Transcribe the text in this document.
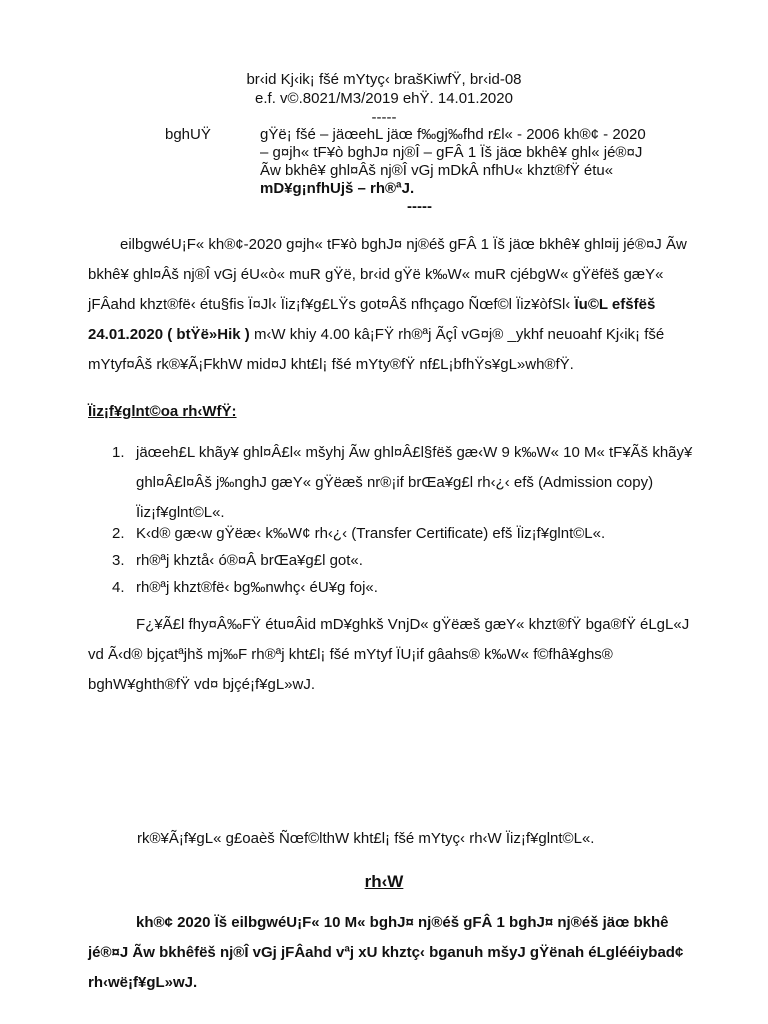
br‹id Kj‹ik¡ fšé mYtyç‹ brašKiwfŸ, br‹id-08
e.f. v©.8021/M3/2019 ehŸ. 14.01.2020
-----
bghUŸ	gŸë¡ fšé – jäœehL jäœ f‰gj‰fhd r£l« - 2006 kh®¢ - 2020
– g¤jh« tF¥ò bghJ¤ nj®Î – gFÂ 1 Ïš jäœ bkhê¥ ghl« jé®¤J
Ãw bkhê¥ ghl¤Âš nj®Î vGj mDkÂ nfhU« khzt®fŸ étu«
mD¥g¡nfhUjš – rh®ªJ.
-----
eilbgwéU¡F« kh®¢-2020 g¤jh« tF¥ò bghJ¤ nj®éš gFÂ 1 Ïš jäœ bkhê¥ ghl¤ij jé®¤J Ãw
bkhê¥ ghl¤Âš nj®Î vGj éU«ò« muR gŸë, br‹id gŸë k‰W« muR cjébgW« gŸëfëš gæY«
jFÂahd khzt®fë‹ étu§fis Ï¤Jl‹ Ïiz¡f¥g£LŸs got¤Âš nfhçago Ñœf©l Ïiz¥òfSl‹ Ïu©L efšfëš
24.01.2020 ( btŸë»Hik ) m‹W khiy 4.00 kâ¡FŸ rh®ªj ÃçÎ vG¤j® _ykhf neuoahf Kj‹ik¡ fšé
mYtyf¤Âš rk®¥Ã¡FkhW mid¤J kht£l¡ fšé mYty®fŸ nf£L¡bfhŸs¥gL»wh®fŸ.
Ïiz¡f¥glnt©oa rh‹WfŸ:
1. jäœeh£L khãy¥ ghl¤Â£l« mšyhj Ãw ghl¤Â£l§fëš gæ‹W 9 k‰W« 10 M« tF¥Ãš khãy¥
ghl¤Â£l¤Âš j‰nghJ gæY« gŸëæš nr®¡if brŒa¥g£l rh‹¿‹ efš (Admission copy)
Ïiz¡f¥glnt©L«.
2. K‹d® gæ‹w gŸëæ‹ k‰W¢ rh‹¿‹ (Transfer Certificate) efš Ïiz¡f¥glnt©L«.
3. rh®ªj khztå‹ ó®¤Â brŒa¥g£l got«.
4. rh®ªj khzt®fë‹ bg‰nwhç‹ éU¥g foj«.
F¿¥Ã£l fhy¤Â‰FŸ étu¤Âid mD¥ghkš VnjD« gŸëæš gæY« khzt®fŸ bga®fŸ éLgL«J
vd Ã‹d® bjçatªjhš mj‰F rh®ªj kht£l¡ fšé mYtyf ÏU¡if gâahs® k‰W« f©fhâ¥ghs®
bghW¥ghth®fŸ vd¤ bjçé¡f¥gL»wJ.
rk®¥Ã¡f¥gL« g£oaèš Ñœf©lthW kht£l¡ fšé mYtyç‹ rh‹W Ïiz¡f¥glnt©L«.
rh‹W
kh®¢ 2020 Ïš eilbgwéU¡F« 10 M« bghJ¤ nj®éš gFÂ 1 bghJ¤ nj®éš jäœ bkhê
jé®¤J Ãw bkhêfëš nj®Î vGj jFÂahd vªj xU khztç‹ bganuh mšyJ gŸënah éLglééiybad¢
rh‹wë¡f¥gL»wJ.
